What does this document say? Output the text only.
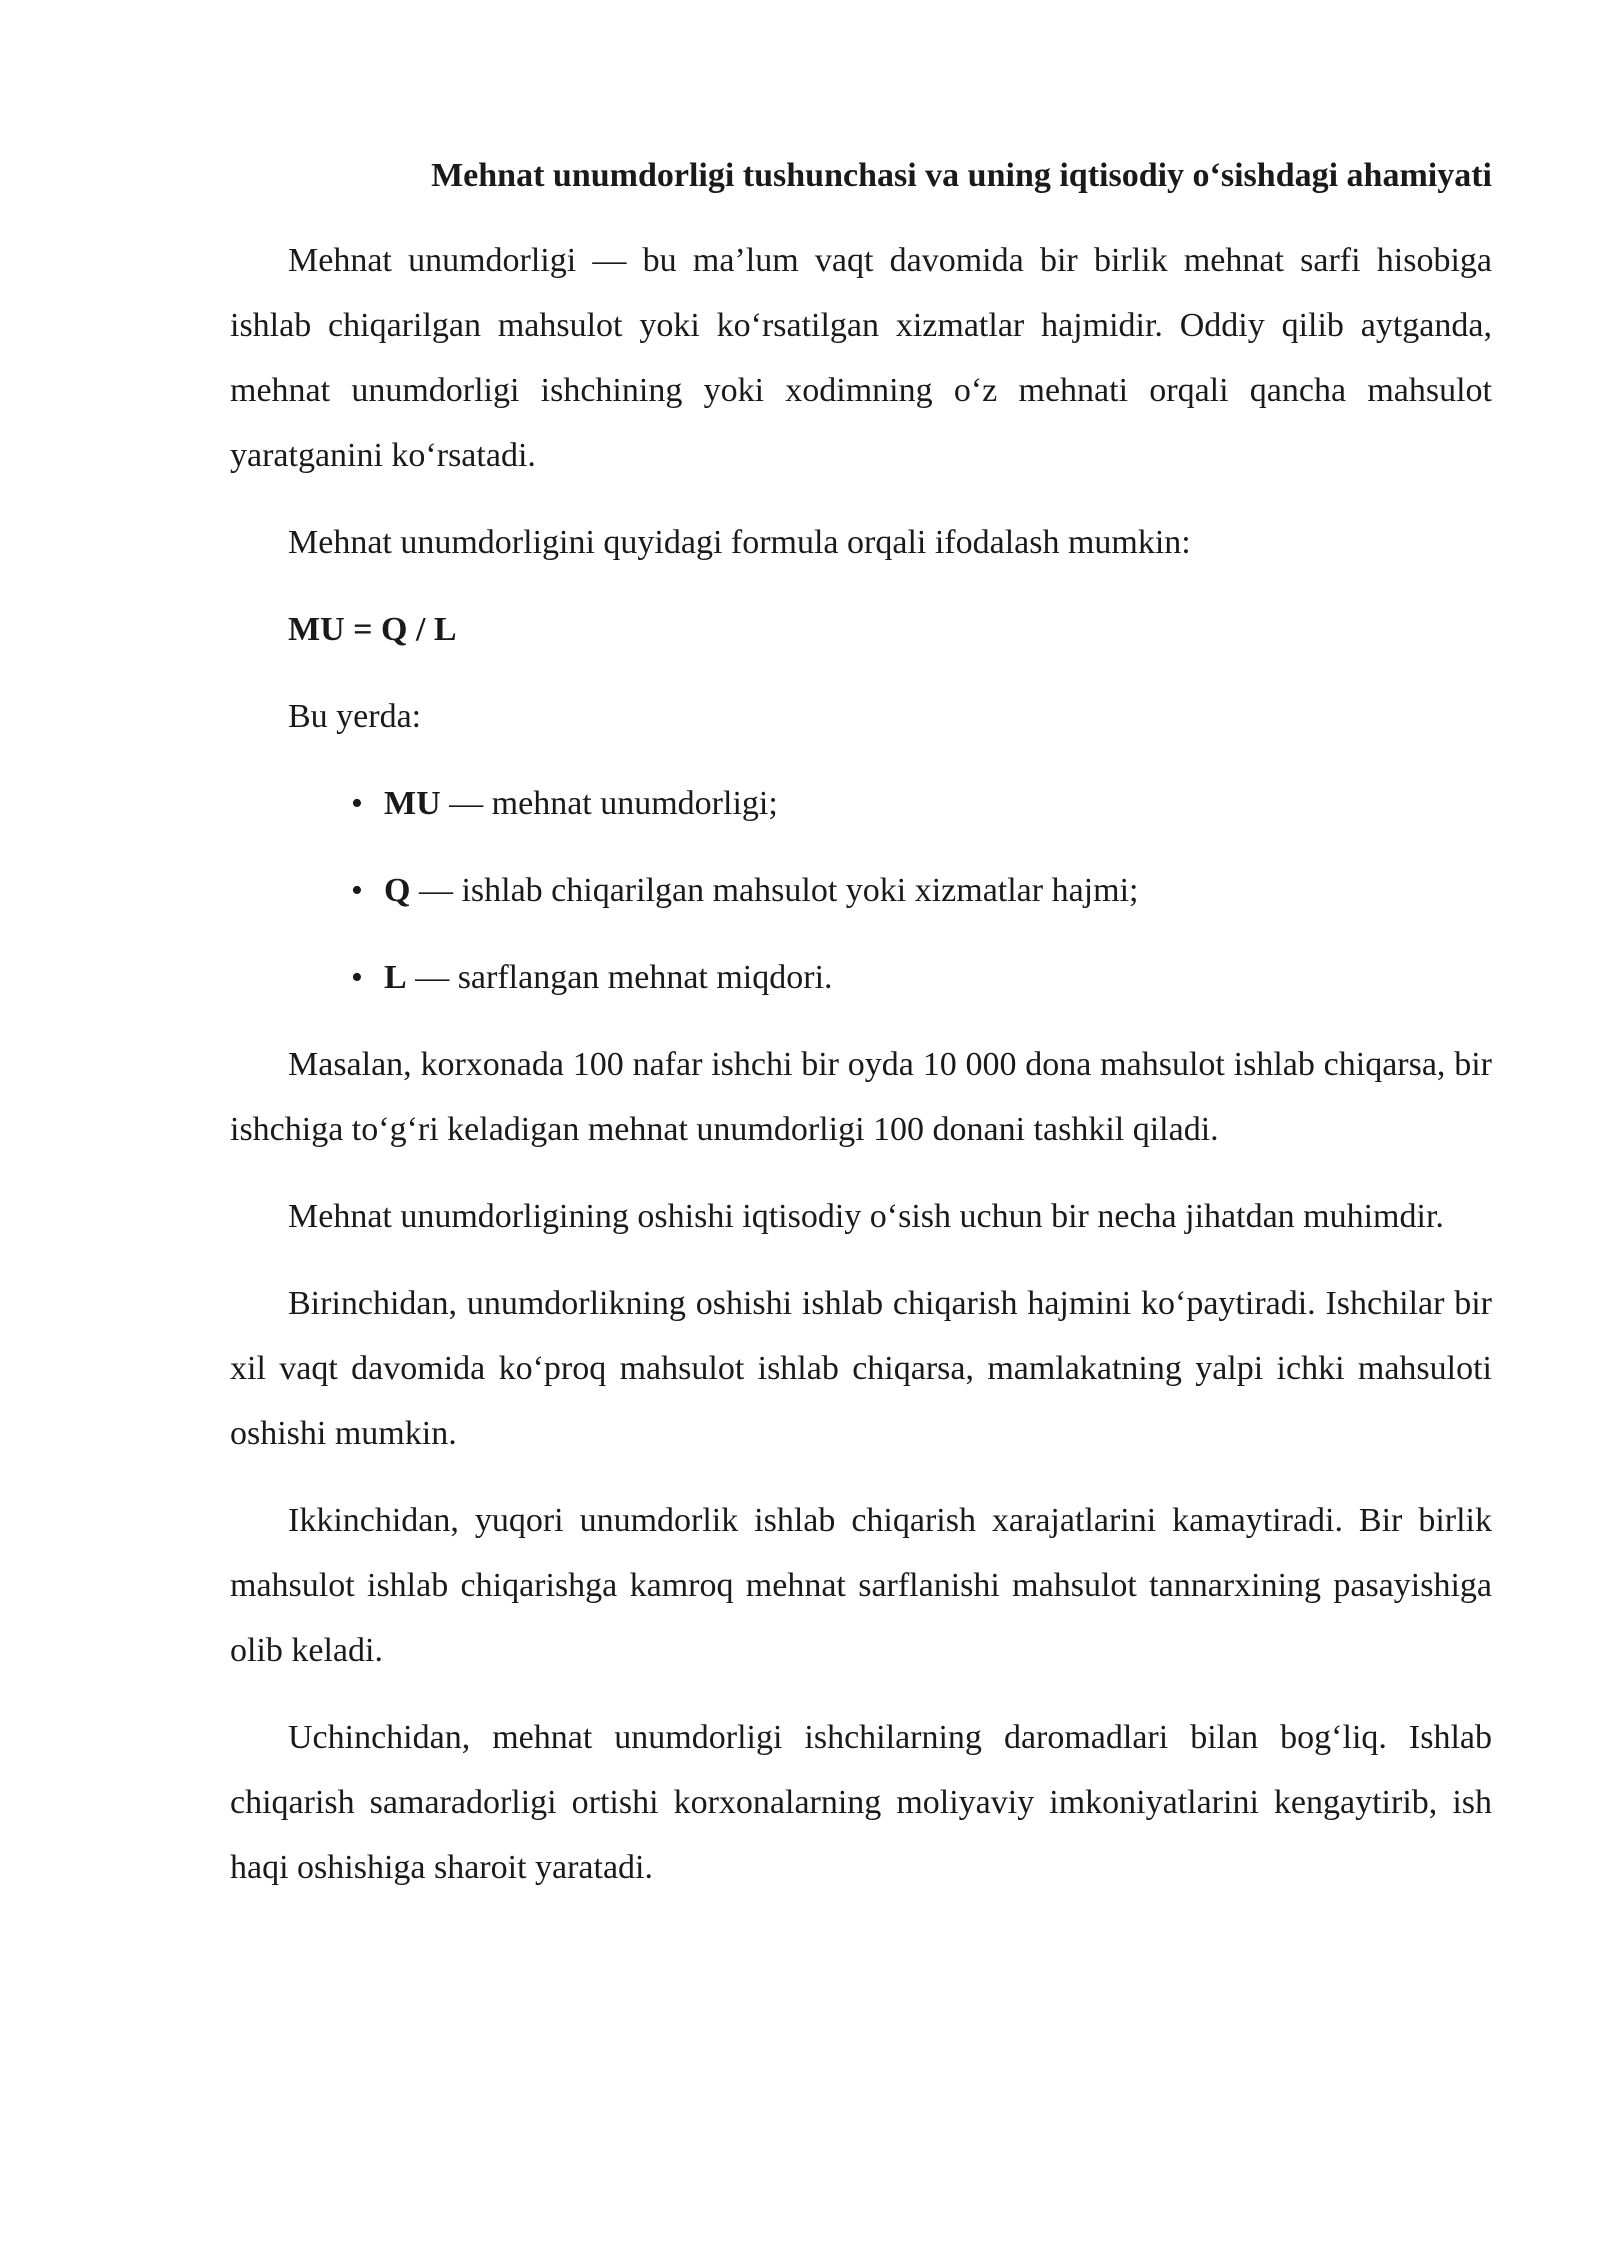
Mehnat unumdorligi tushunchasi va uning iqtisodiy o‘sishdagi ahamiyati

Mehnat unumdorligi — bu ma’lum vaqt davomida bir birlik mehnat sarfi hisobiga ishlab chiqarilgan mahsulot yoki ko‘rsatilgan xizmatlar hajmidir. Oddiy qilib aytganda, mehnat unumdorligi ishchining yoki xodimning o‘z mehnati orqali qancha mahsulot yaratganini ko‘rsatadi.

Mehnat unumdorligini quyidagi formula orqali ifodalash mumkin:

MU = Q / L

Bu yerda:

• MU — mehnat unumdorligi;
• Q — ishlab chiqarilgan mahsulot yoki xizmatlar hajmi;
• L — sarflangan mehnat miqdori.

Masalan, korxonada 100 nafar ishchi bir oyda 10 000 dona mahsulot ishlab chiqarsa, bir ishchiga to‘g‘ri keladigan mehnat unumdorligi 100 donani tashkil qiladi.

Mehnat unumdorligining oshishi iqtisodiy o‘sish uchun bir necha jihatdan muhimdir.

Birinchidan, unumdorlikning oshishi ishlab chiqarish hajmini ko‘paytiradi. Ishchilar bir xil vaqt davomida ko‘proq mahsulot ishlab chiqarsa, mamlakatning yalpi ichki mahsuloti oshishi mumkin.

Ikkinchidan, yuqori unumdorlik ishlab chiqarish xarajatlarini kamaytiradi. Bir birlik mahsulot ishlab chiqarishga kamroq mehnat sarflanishi mahsulot tannarxining pasayishiga olib keladi.

Uchinchidan, mehnat unumdorligi ishchilarning daromadlari bilan bog‘liq. Ishlab chiqarish samaradorligi ortishi korxonalarning moliyaviy imkoniyatlarini kengaytirib, ish haqi oshishiga sharoit yaratadi.
